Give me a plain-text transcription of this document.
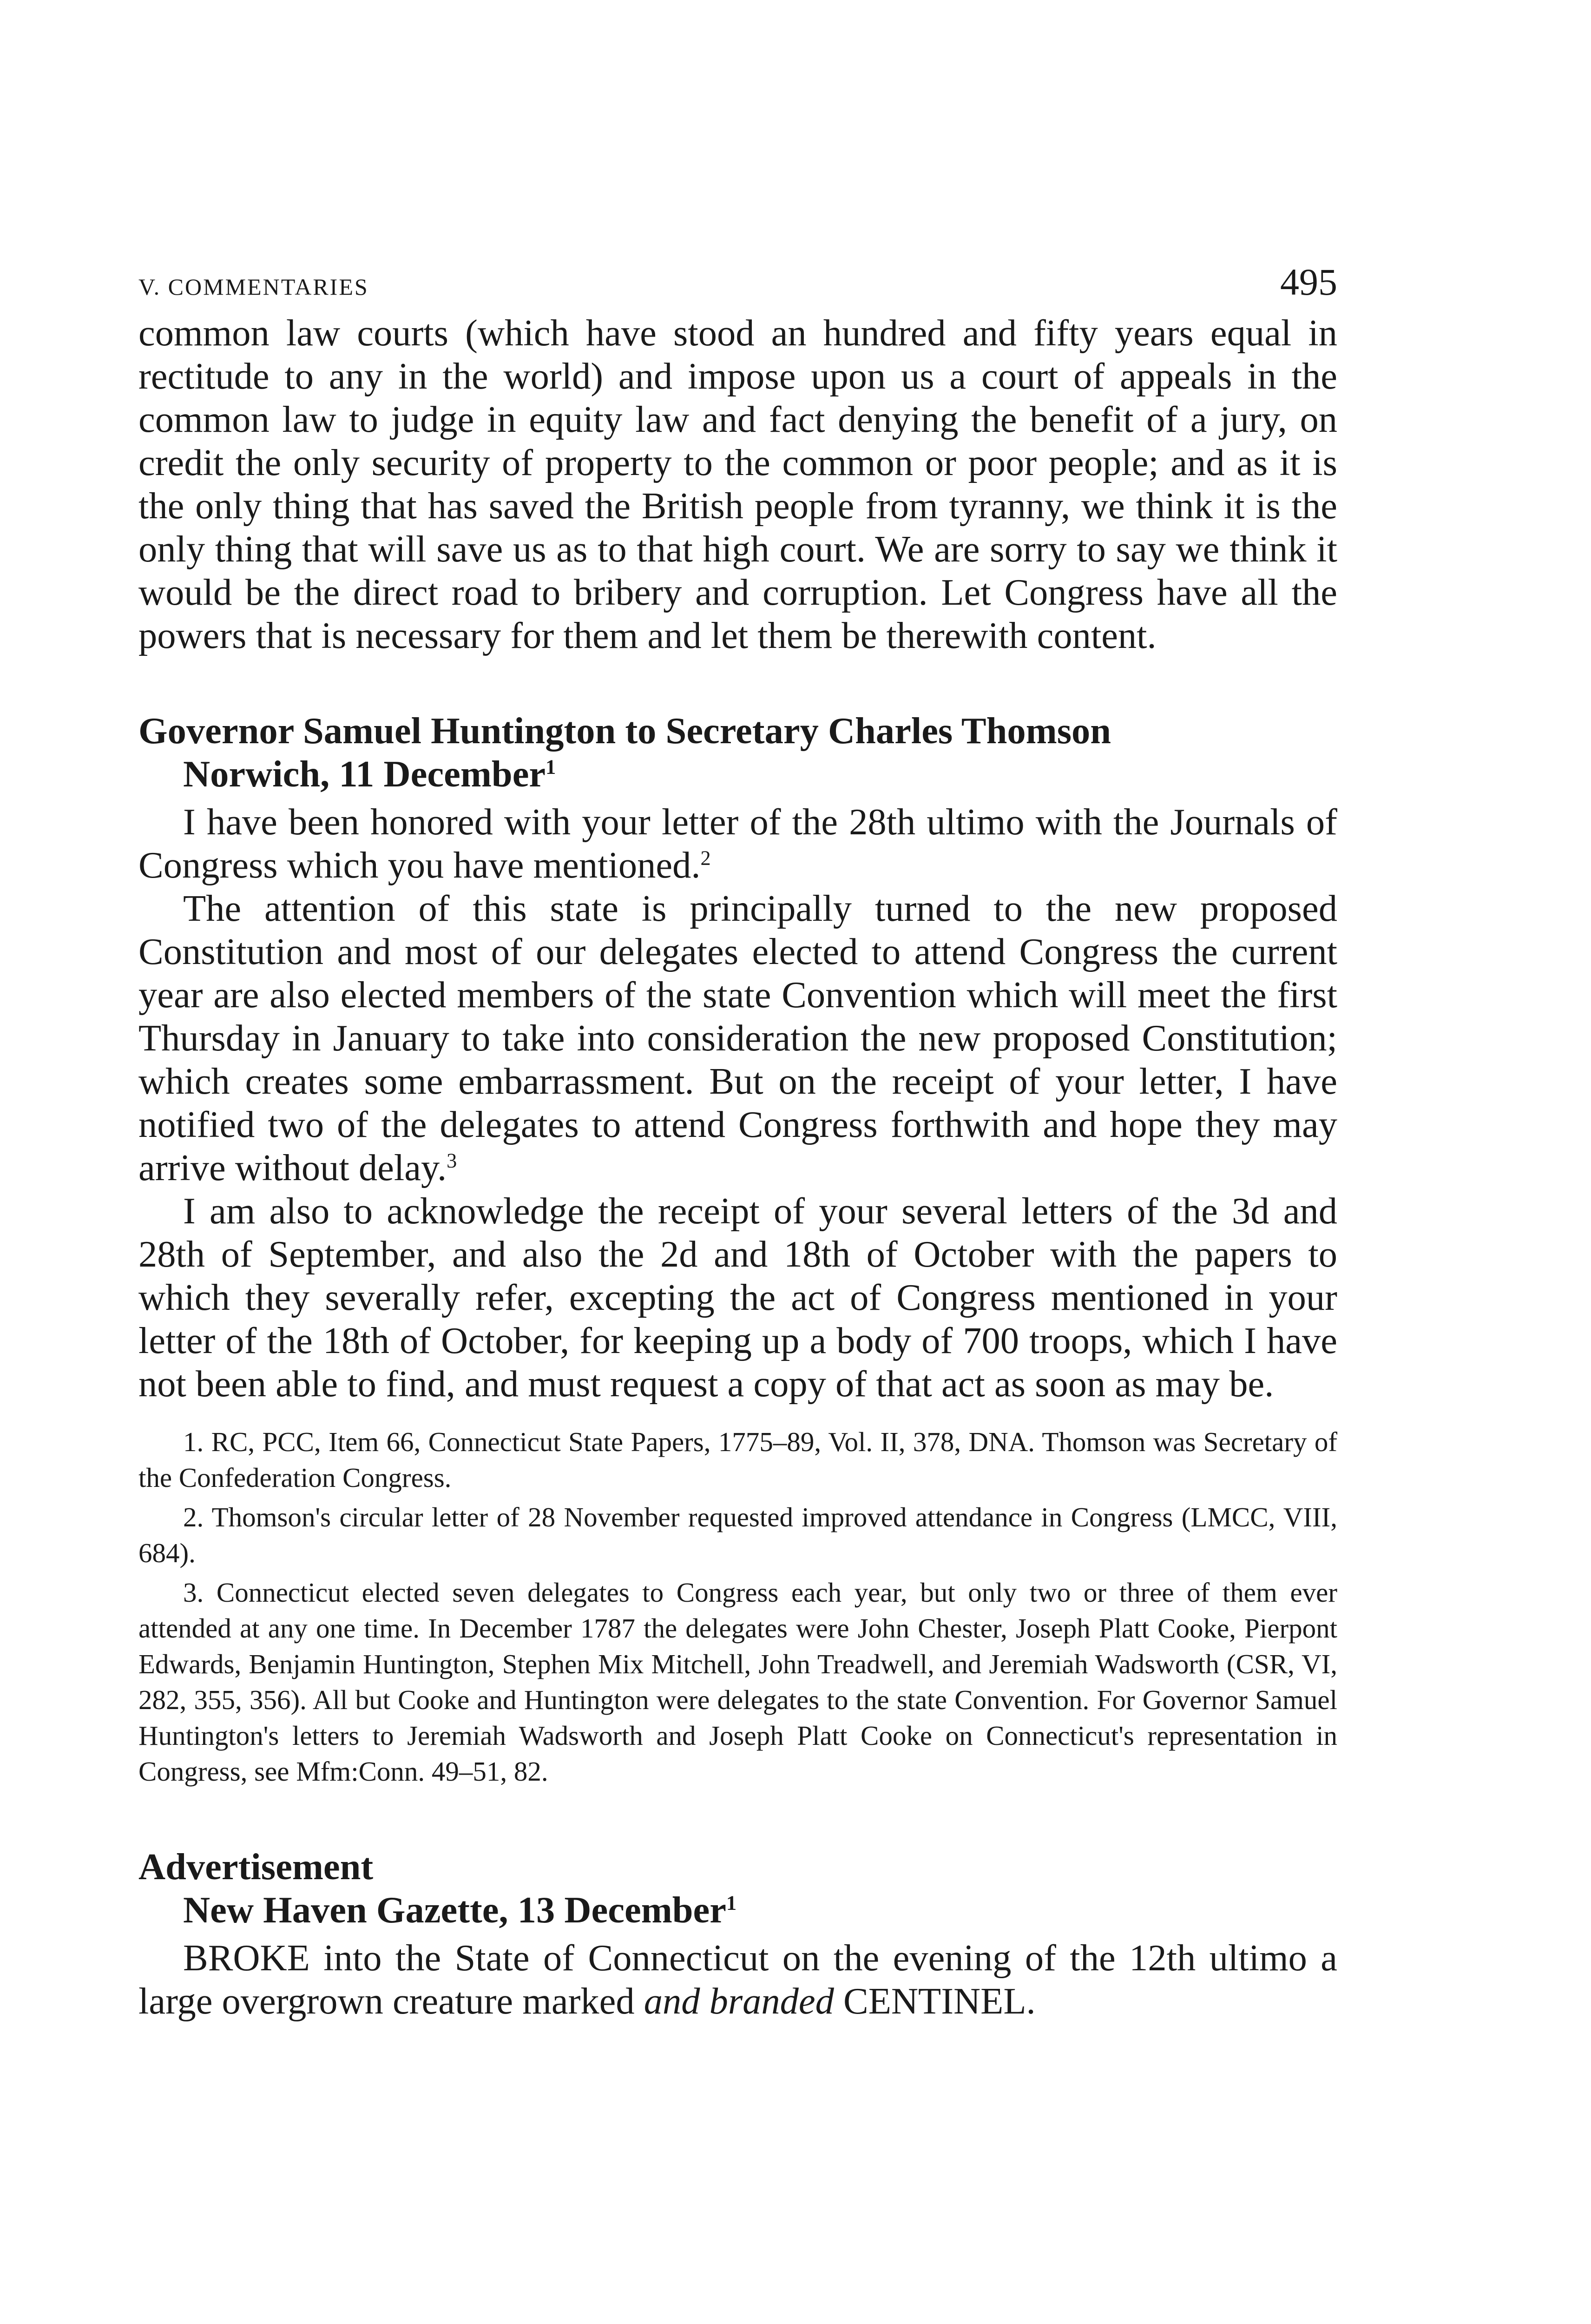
V. COMMENTARIES	495

common law courts (which have stood an hundred and fifty years equal in rectitude to any in the world) and impose upon us a court of appeals in the common law to judge in equity law and fact denying the benefit of a jury, on credit the only security of property to the common or poor people; and as it is the only thing that has saved the British people from tyranny, we think it is the only thing that will save us as to that high court. We are sorry to say we think it would be the direct road to bribery and corruption. Let Congress have all the powers that is necessary for them and let them be therewith content.

Governor Samuel Huntington to Secretary Charles Thomson

Norwich, 11 December$^1$

I have been honored with your letter of the 28th ultimo with the Journals of Congress which you have mentioned.$^2$

The attention of this state is principally turned to the new proposed Constitution and most of our delegates elected to attend Congress the current year are also elected members of the state Convention which will meet the first Thursday in January to take into consideration the new proposed Constitution; which creates some embarrassment. But on the receipt of your letter, I have notified two of the delegates to attend Congress forthwith and hope they may arrive without delay.$^3$

I am also to acknowledge the receipt of your several letters of the 3d and 28th of September, and also the 2d and 18th of October with the papers to which they severally refer, excepting the act of Congress mentioned in your letter of the 18th of October, for keeping up a body of 700 troops, which I have not been able to find, and must request a copy of that act as soon as may be.

1. RC, PCC, Item 66, Connecticut State Papers, 1775–89, Vol. II, 378, DNA. Thomson was Secretary of the Confederation Congress.

2. Thomson's circular letter of 28 November requested improved attendance in Congress (LMCC, VIII, 684).

3. Connecticut elected seven delegates to Congress each year, but only two or three of them ever attended at any one time. In December 1787 the delegates were John Chester, Joseph Platt Cooke, Pierpont Edwards, Benjamin Huntington, Stephen Mix Mitchell, John Treadwell, and Jeremiah Wadsworth (CSR, VI, 282, 355, 356). All but Cooke and Huntington were delegates to the state Convention. For Governor Samuel Huntington's letters to Jeremiah Wadsworth and Joseph Platt Cooke on Connecticut's representation in Congress, see Mfm:Conn. 49–51, 82.

Advertisement

New Haven Gazette, 13 December$^1$

BROKE into the State of Connecticut on the evening of the 12th ultimo a large overgrown creature marked and branded CENTINEL.
